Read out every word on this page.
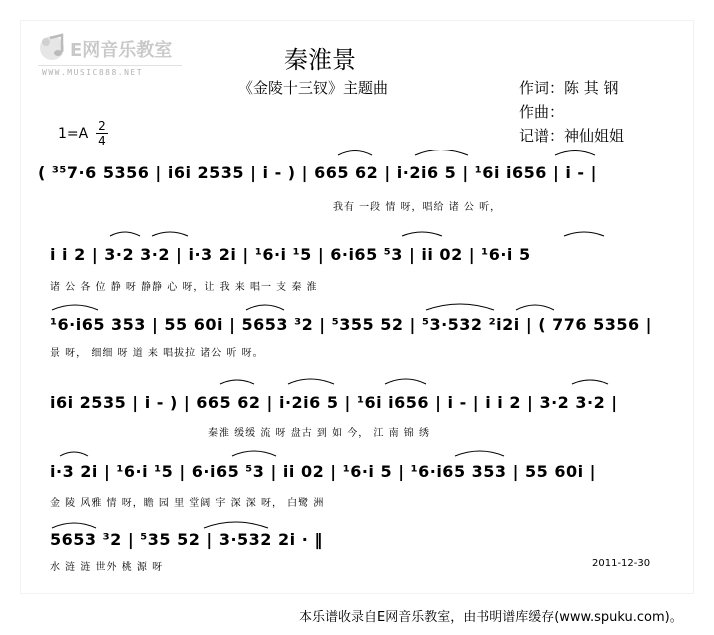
E网音乐教室
WWW.MUSIC888.NET	秦淮景
《金陵十三钗》主题曲	作词：陈 其 钢
作曲：
记谱：神仙姐姐
1=A 2
4
( ³⁵7·6 5356 | i6i 2535 | i - ) | 665 62 | i·2i6 5 | ¹6i i656 | i - |
我有 一段 情 呀，唱给 诸 公 听，
i i 2 | 3·2 3·2 | i·3 2i | ¹6·i ¹5 | 6·i65 ⁵3 | ii 02 | ¹6·i 5
诸 公 各 位 静 呀 静静 心 呀，让 我 来 唱一 支 秦 淮
¹6·i65 353 | 55 60i | 5653 ³2 | ⁵355 52 | ⁵3·532 ²i2i | ( 776 5356 |
景 呀， 细细 呀 道 来 唱拔拉 诸公 听 呀。
i6i 2535 | i - ) | 665 62 | i·2i6 5 | ¹6i i656 | i - | i i 2 | 3·2 3·2 |
秦淮 缓缓 流 呀 盘古 到 如 今， 江 南 锦 绣
i·3 2i | ¹6·i ¹5 | 6·i65 ⁵3 | ii 02 | ¹6·i 5 | ¹6·i65 353 | 55 60i |
金 陵 风雅 情 呀，瞻 园 里 堂阔 宇 深 深 呀， 白鹭 洲
5653 ³2 | ⁵35 52 | 3·532 2i · ‖
水 涟 涟 世外 桃 源 呀	2011-12-30
本乐谱收录自E网音乐教室，由书明谱库缓存(www.spuku.com)。
